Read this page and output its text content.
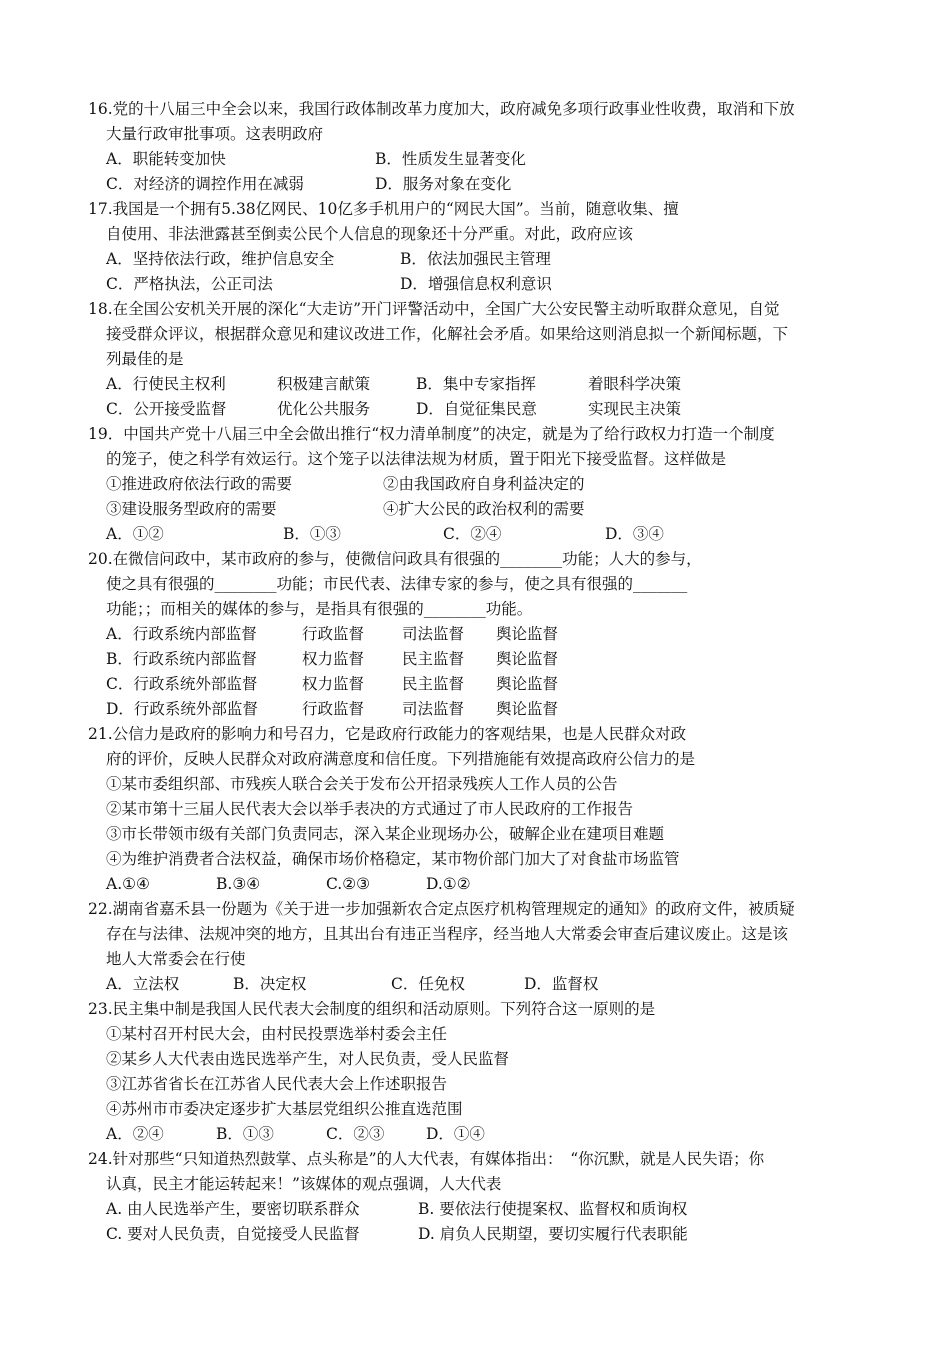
16.党的十八届三中全会以来，我国行政体制改革力度加大，政府减免多项行政事业性收费，取消和下放
大量行政审批事项。这表明政府
A．职能转变加快	B．性质发生显著变化
C．对经济的调控作用在减弱	D．服务对象在变化
17.我国是一个拥有5.38亿网民、10亿多手机用户的“网民大国”。当前，随意收集、擅
自使用、非法泄露甚至倒卖公民个人信息的现象还十分严重。对此，政府应该
A．坚持依法行政，维护信息安全	B．依法加强民主管理
C．严格执法，公正司法	D．增强信息权利意识
18.在全国公安机关开展的深化“大走访”开门评警活动中，全国广大公安民警主动听取群众意见，自觉
接受群众评议，根据群众意见和建议改进工作，化解社会矛盾。如果给这则消息拟一个新闻标题，下
列最佳的是
A．行使民主权利	积极建言献策	B．集中专家指挥	着眼科学决策
C．公开接受监督	优化公共服务	D．自觉征集民意	实现民主决策
19．中国共产党十八届三中全会做出推行“权力清单制度”的决定，就是为了给行政权力打造一个制度
的笼子，使之科学有效运行。这个笼子以法律法规为材质，置于阳光下接受监督。这样做是
①推进政府依法行政的需要	②由我国政府自身利益决定的
③建设服务型政府的需要	④扩大公民的政治权利的需要
A．①②	B．①③	C．②④	D．③④
20.在微信问政中，某市政府的参与，使微信问政具有很强的________功能；人大的参与，
使之具有很强的________功能；市民代表、法律专家的参与，使之具有很强的_______
功能；；而相关的媒体的参与，是指具有很强的________功能。
A．行政系统内部监督	行政监督 司法监督 舆论监督
B．行政系统内部监督	权力监督 民主监督 舆论监督
C．行政系统外部监督	权力监督 民主监督 舆论监督
D．行政系统外部监督	行政监督 司法监督 舆论监督
21.公信力是政府的影响力和号召力，它是政府行政能力的客观结果，也是人民群众对政
府的评价，反映人民群众对政府满意度和信任度。下列措施能有效提高政府公信力的是
①某市委组织部、市残疾人联合会关于发布公开招录残疾人工作人员的公告
②某市第十三届人民代表大会以举手表决的方式通过了市人民政府的工作报告
③市长带领市级有关部门负责同志，深入某企业现场办公，破解企业在建项目难题
④为维护消费者合法权益，确保市场价格稳定，某市物价部门加大了对食盐市场监管
A.①④	B.③④	C.②③	D.①②
22.湖南省嘉禾县一份题为《关于进一步加强新农合定点医疗机构管理规定的通知》的政府文件，被质疑
存在与法律、法规冲突的地方，且其出台有违正当程序，经当地人大常委会审查后建议废止。这是该
地人大常委会在行使
A．立法权	B．决定权	C．任免权	D．监督权
23.民主集中制是我国人民代表大会制度的组织和活动原则。下列符合这一原则的是
①某村召开村民大会，由村民投票选举村委会主任
②某乡人大代表由选民选举产生，对人民负责，受人民监督
③江苏省省长在江苏省人民代表大会上作述职报告
④苏州市市委决定逐步扩大基层党组织公推直选范围
A．②④	B．①③	C．②③	D．①④
24.针对那些“只知道热烈鼓掌、点头称是”的人大代表，有媒体指出：　“你沉默，就是人民失语；你
认真，民主才能运转起来！”该媒体的观点强调，人大代表
A. 由人民选举产生，要密切联系群众	B. 要依法行使提案权、监督权和质询权
C. 要对人民负责，自觉接受人民监督	D. 肩负人民期望，要切实履行代表职能
